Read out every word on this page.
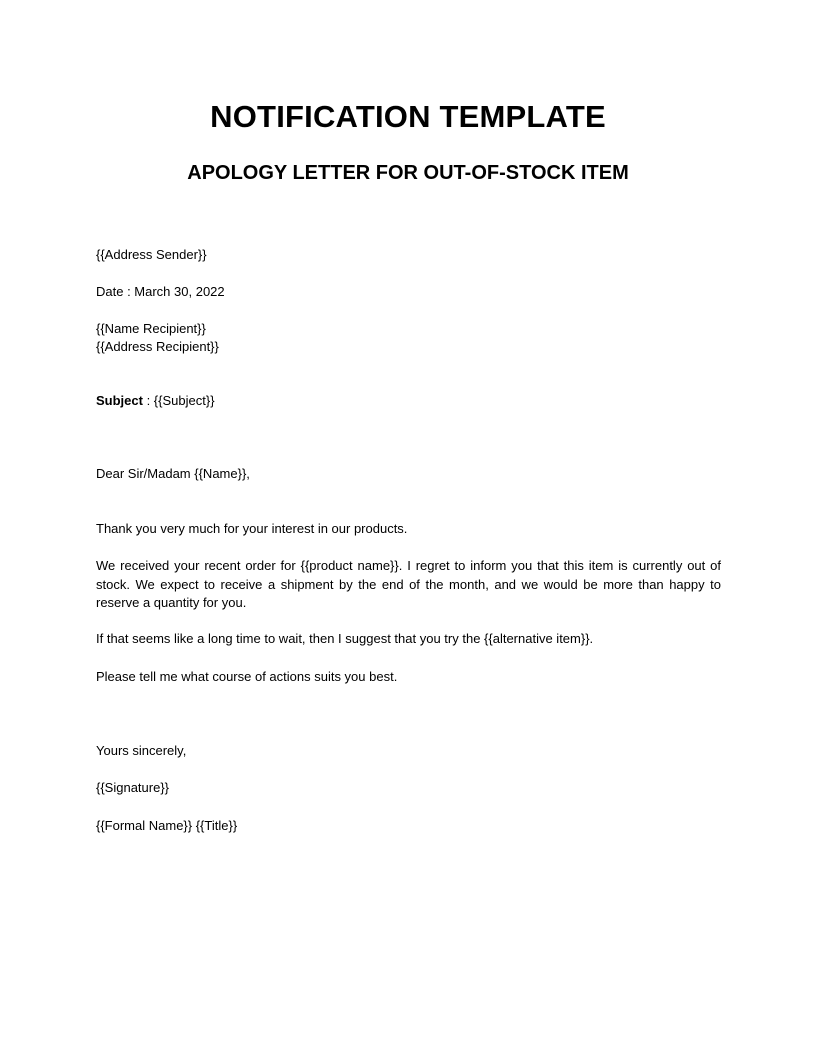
NOTIFICATION TEMPLATE
APOLOGY LETTER FOR OUT-OF-STOCK ITEM
{{Address Sender}}
Date : March 30, 2022
{{Name Recipient}}
{{Address Recipient}}
Subject : {{Subject}}
Dear Sir/Madam {{Name}},
Thank you very much for your interest in our products.
We received your recent order for {{product name}}. I regret to inform you that this item is currently out of stock. We expect to receive a shipment by the end of the month, and we would be more than happy to reserve a quantity for you.
If that seems like a long time to wait, then I suggest that you try the {{alternative item}}.
Please tell me what course of actions suits you best.
Yours sincerely,
{{Signature}}
{{Formal Name}} {{Title}}
